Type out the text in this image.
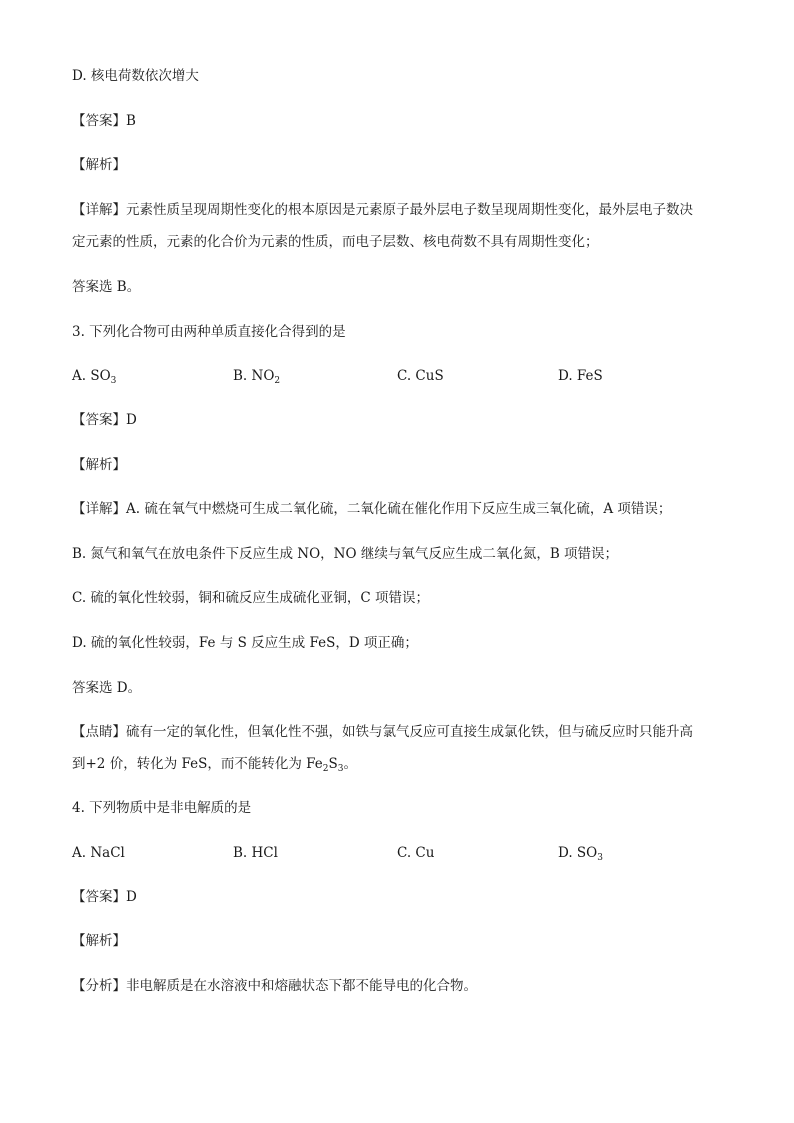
D. 核电荷数依次增大
【答案】B
【解析】
【详解】元素性质呈现周期性变化的根本原因是元素原子最外层电子数呈现周期性变化，最外层电子数决
定元素的性质，元素的化合价为元素的性质，而电子层数、核电荷数不具有周期性变化；
答案选 B。
3. 下列化合物可由两种单质直接化合得到的是
A. $SO_3$	B. $NO_2$	C. CuS	D. FeS
【答案】D
【解析】
【详解】A. 硫在氧气中燃烧可生成二氧化硫，二氧化硫在催化作用下反应生成三氧化硫，A 项错误；
B. 氮气和氧气在放电条件下反应生成 NO，NO 继续与氧气反应生成二氧化氮，B 项错误；
C. 硫的氧化性较弱，铜和硫反应生成硫化亚铜，C 项错误；
D. 硫的氧化性较弱，Fe 与 S 反应生成 FeS，D 项正确；
答案选 D。
【点睛】硫有一定的氧化性，但氧化性不强，如铁与氯气反应可直接生成氯化铁，但与硫反应时只能升高
到+2 价，转化为 FeS，而不能转化为 $Fe_2S_3$。
4. 下列物质中是非电解质的是
A. NaCl	B. HCl	C. Cu	D. $SO_3$
【答案】D
【解析】
【分析】非电解质是在水溶液中和熔融状态下都不能导电的化合物。
